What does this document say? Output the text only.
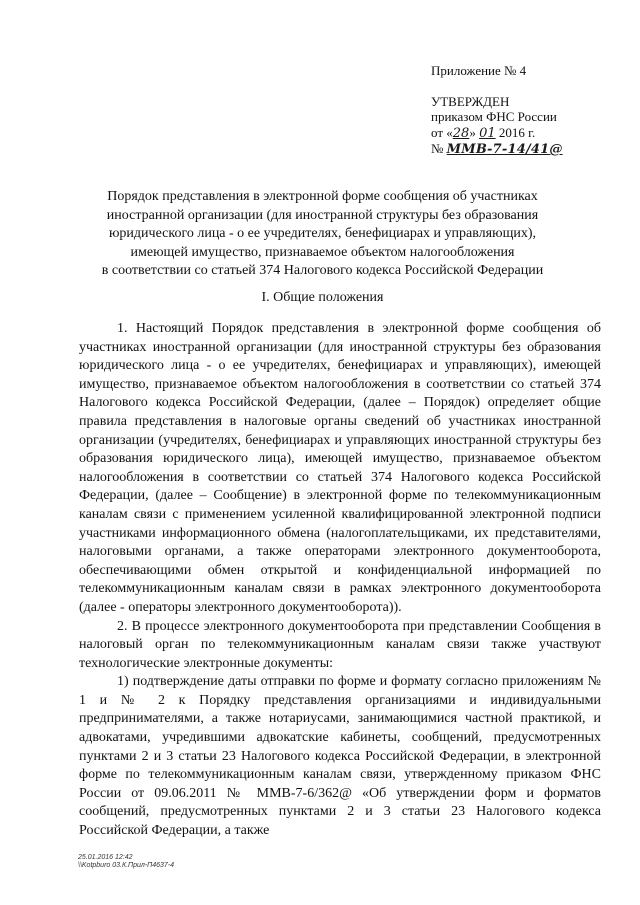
Приложение № 4
УТВЕРЖДЕН
приказом ФНС России
от «28» 01 2016 г.
№ ММВ-7-14/41@
Порядок представления в электронной форме сообщения об участниках
иностранной организации (для иностранной структуры без образования
юридического лица - о ее учредителях, бенефициарах и управляющих),
имеющей имущество, признаваемое объектом налогообложения
в соответствии со статьей 374 Налогового кодекса Российской Федерации
I. Общие положения

1. Настоящий Порядок представления в электронной форме сообщения об участниках иностранной организации (для иностранной структуры без образования юридического лица - о ее учредителях, бенефициарах и управляющих), имеющей имущество, признаваемое объектом налогообложения в соответствии со статьей 374 Налогового кодекса Российской Федерации, (далее – Порядок) определяет общие правила представления в налоговые органы сведений об участниках иностранной организации (учредителях, бенефициарах и управляющих иностранной структуры без образования юридического лица), имеющей имущество, признаваемое объектом налогообложения в соответствии со статьей 374 Налогового кодекса Российской Федерации, (далее – Сообщение) в электронной форме по телекоммуникационным каналам связи с применением усиленной квалифицированной электронной подписи участниками информационного обмена (налогоплательщиками, их представителями, налоговыми органами, а также операторами электронного документооборота, обеспечивающими обмен открытой и конфиденциальной информацией по телекоммуникационным каналам связи в рамках электронного документооборота (далее - операторы электронного документооборота)).

2. В процессе электронного документооборота при представлении Сообщения в налоговый орган по телекоммуникационным каналам связи также участвуют технологические электронные документы:

1) подтверждение даты отправки по форме и формату согласно приложениям № 1 и № 2 к Порядку представления организациями и индивидуальными предпринимателями, а также нотариусами, занимающимися частной практикой, и адвокатами, учредившими адвокатские кабинеты, сообщений, предусмотренных пунктами 2 и 3 статьи 23 Налогового кодекса Российской Федерации, в электронной форме по телекоммуникационным каналам связи, утвержденному приказом ФНС России от 09.06.2011 № ММВ-7-6/362@ «Об утверждении форм и форматов сообщений, предусмотренных пунктами 2 и 3 статьи 23 Налогового кодекса Российской Федерации, а также

25.01.2016 12:42
\\Kotpburo 03.К.Прил-П4637-4
